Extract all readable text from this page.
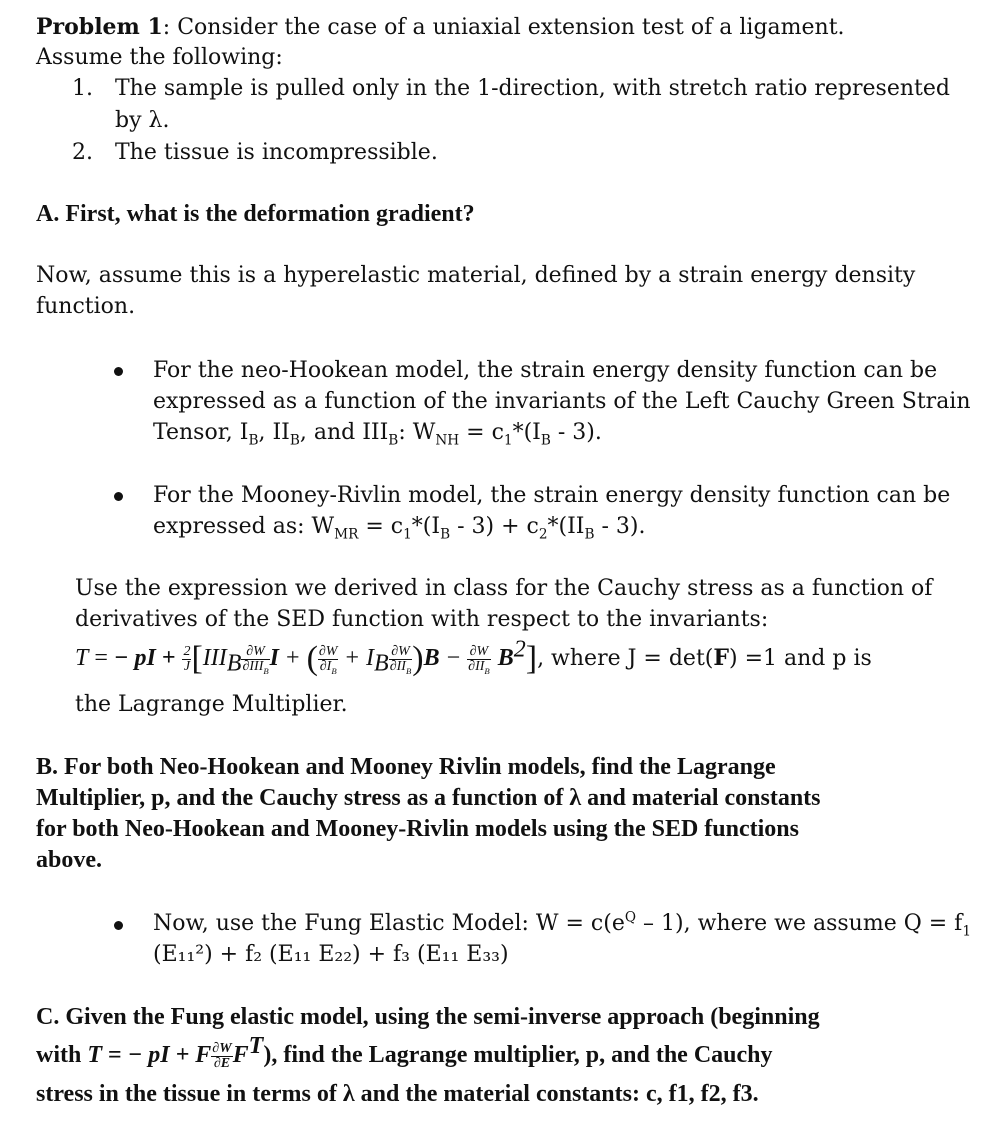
Problem 1: Consider the case of a uniaxial extension test of a ligament.
Assume the following:
1. The sample is pulled only in the 1-direction, with stretch ratio represented
by λ.
2. The tissue is incompressible.
A. First, what is the deformation gradient?
Now, assume this is a hyperelastic material, defined by a strain energy density
function.
For the neo-Hookean model, the strain energy density function can be
expressed as a function of the invariants of the Left Cauchy Green Strain
Tensor, $I_B$, $II_B$, and $III_B$: $W_{NH} = c_1*(I_B - 3)$.
For the Mooney-Rivlin model, the strain energy density function can be
expressed as: $W_{MR} = c_1*(I_B - 3) + c_2*(II_B - 3)$.
Use the expression we derived in class for the Cauchy stress as a function of
derivatives of the SED function with respect to the invariants:
T = − pI + $\frac{2}{J} [III_B \frac{\partial W}{\partial III_B}$ I + ( $\frac{\partial W}{\partial I_B} + I_B \frac{\partial W}{\partial II_B} )B - \frac{\partial W}{\partial II_B} B^2$], where J = det(F) =1 and p is
the Lagrange Multiplier.
B. For both Neo-Hookean and Mooney Rivlin models, find the Lagrange
Multiplier, p, and the Cauchy stress as a function of λ and material constants
for both Neo-Hookean and Mooney-Rivlin models using the SED functions
above.
Now, use the Fung Elastic Model: $W = c(e^Q - 1)$, where we assume $Q = f_1$
(E₁₁²) + f₂ (E₁₁ E₂₂) + f₃ (E₁₁ E₃₃)
C. Given the Fung elastic model, using the semi-inverse approach (beginning
with T = − pI + F $\frac{\partial W}{\partial E} F^T$), find the Lagrange multiplier, p, and the Cauchy
stress in the tissue in terms of λ and the material constants: c, f1, f2, f3.
